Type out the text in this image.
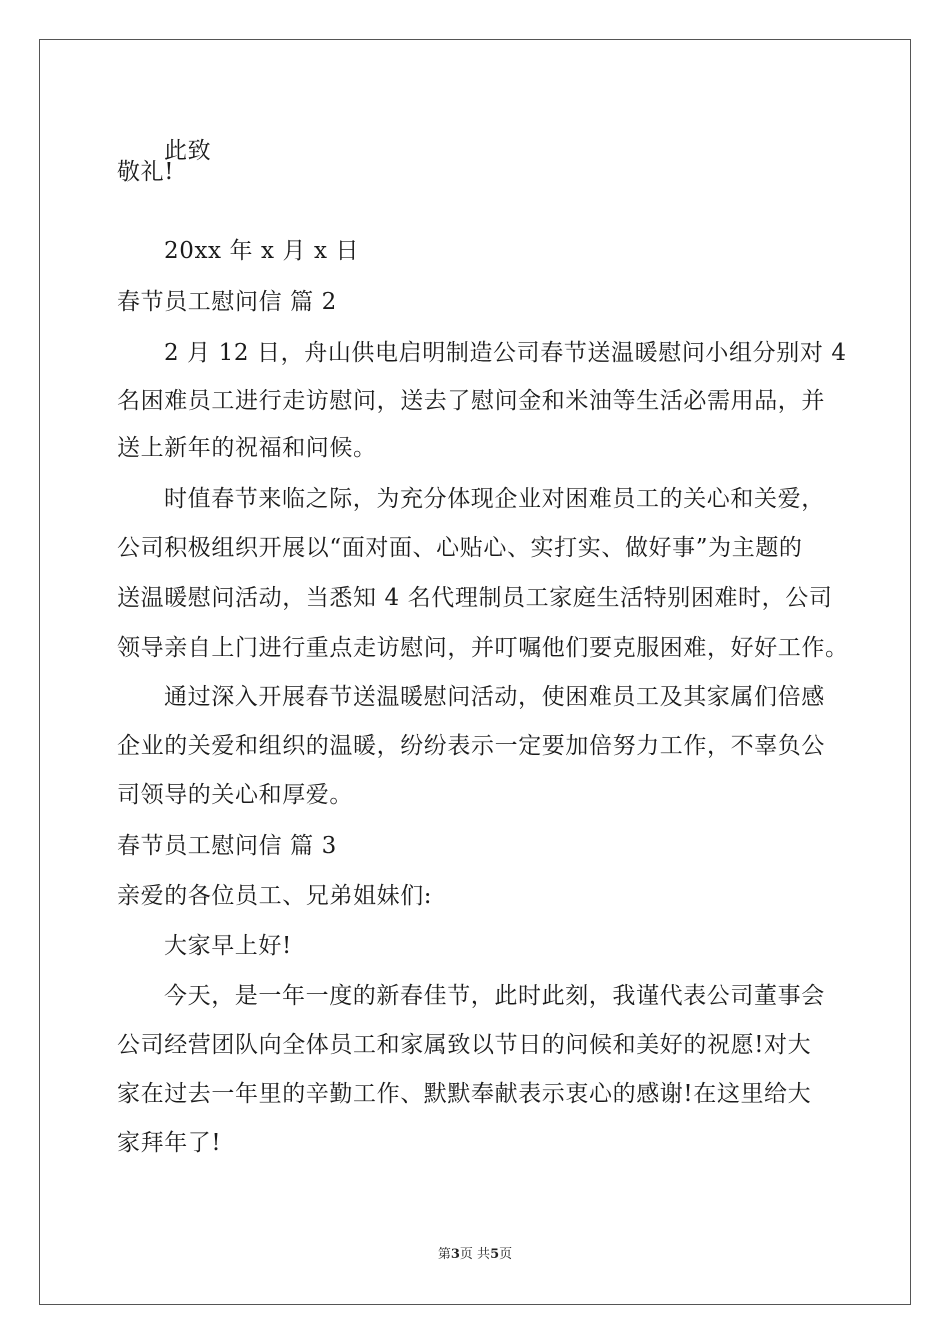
此致
敬礼!
20xx 年 x 月 x 日
春节员工慰问信 篇 2
2 月 12 日，舟山供电启明制造公司春节送温暖慰问小组分别对 4
名困难员工进行走访慰问，送去了慰问金和米油等生活必需用品，并
送上新年的祝福和问候。
时值春节来临之际，为充分体现企业对困难员工的关心和关爱，
公司积极组织开展以“面对面、心贴心、实打实、做好事”为主题的
送温暖慰问活动，当悉知 4 名代理制员工家庭生活特别困难时，公司
领导亲自上门进行重点走访慰问，并叮嘱他们要克服困难，好好工作。
通过深入开展春节送温暖慰问活动，使困难员工及其家属们倍感
企业的关爱和组织的温暖，纷纷表示一定要加倍努力工作，不辜负公
司领导的关心和厚爱。
春节员工慰问信 篇 3
亲爱的各位员工、兄弟姐妹们:
大家早上好!
今天，是一年一度的新春佳节，此时此刻，我谨代表公司董事会
公司经营团队向全体员工和家属致以节日的问候和美好的祝愿!对大
家在过去一年里的辛勤工作、默默奉献表示衷心的感谢!在这里给大
家拜年了!
第3页 共5页
